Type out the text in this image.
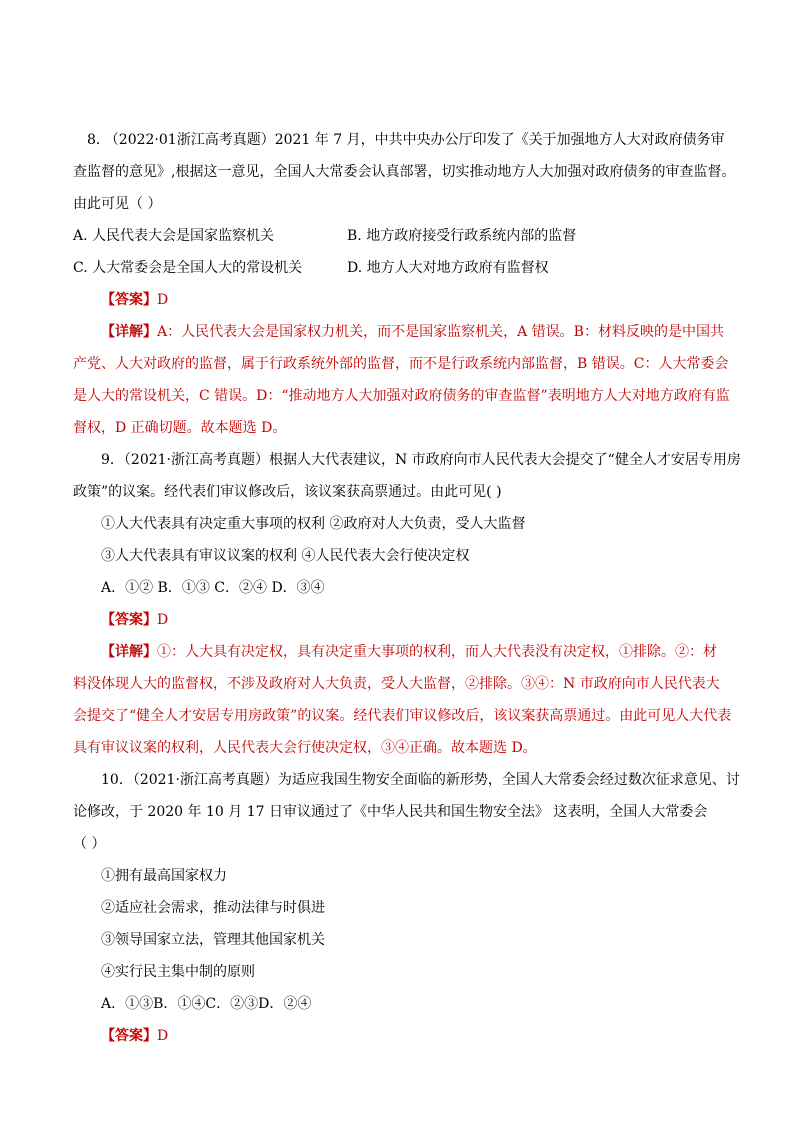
8. （2022·01浙江高考真题）2021 年 7 月，中共中央办公厅印发了《关于加强地方人大对政府债务审
查监督的意见》,根据这一意见，全国人大常委会认真部署，切实推动地方人大加强对政府债务的审查监督。
由此可见（ ）
A. 人民代表大会是国家监察机关	B. 地方政府接受行政系统内部的监督
C. 人大常委会是全国人大的常设机关	D. 地方人大对地方政府有监督权
【答案】D
【详解】A：人民代表大会是国家权力机关，而不是国家监察机关，A 错误。B：材料反映的是中国共
产党、人大对政府的监督，属于行政系统外部的监督，而不是行政系统内部监督，B 错误。C：人大常委会
是人大的常设机关，C 错误。D：“推动地方人大加强对政府债务的审查监督”表明地方人大对地方政府有监
督权，D 正确切题。故本题选 D。
9．（2021·浙江高考真题）根据人大代表建议，N 市政府向市人民代表大会提交了“健全人才安居专用房
政策”的议案。经代表们审议修改后，该议案获高票通过。由此可见( )
①人大代表具有决定重大事项的权利 ②政府对人大负责，受人大监督
③人大代表具有审议议案的权利 ④人民代表大会行使决定权
A．①② B．①③ C．②④ D．③④
【答案】D
【详解】①：人大具有决定权，具有决定重大事项的权利，而人大代表没有决定权，①排除。②：材
料没体现人大的监督权，不涉及政府对人大负责，受人大监督，②排除。③④：N 市政府向市人民代表大
会提交了“健全人才安居专用房政策”的议案。经代表们审议修改后，该议案获高票通过。由此可见人大代表
具有审议议案的权利，人民代表大会行使决定权，③④正确。故本题选 D。
10．（2021·浙江高考真题）为适应我国生物安全面临的新形势，全国人大常委会经过数次征求意见、讨
论修改，于 2020 年 10 月 17 日审议通过了《中华人民共和国生物安全法》 这表明，全国人大常委会
（ ）
①拥有最高国家权力
②适应社会需求，推动法律与时俱进
③领导国家立法，管理其他国家机关
④实行民主集中制的原则
A．①③B．①④C．②③D．②④
【答案】D
